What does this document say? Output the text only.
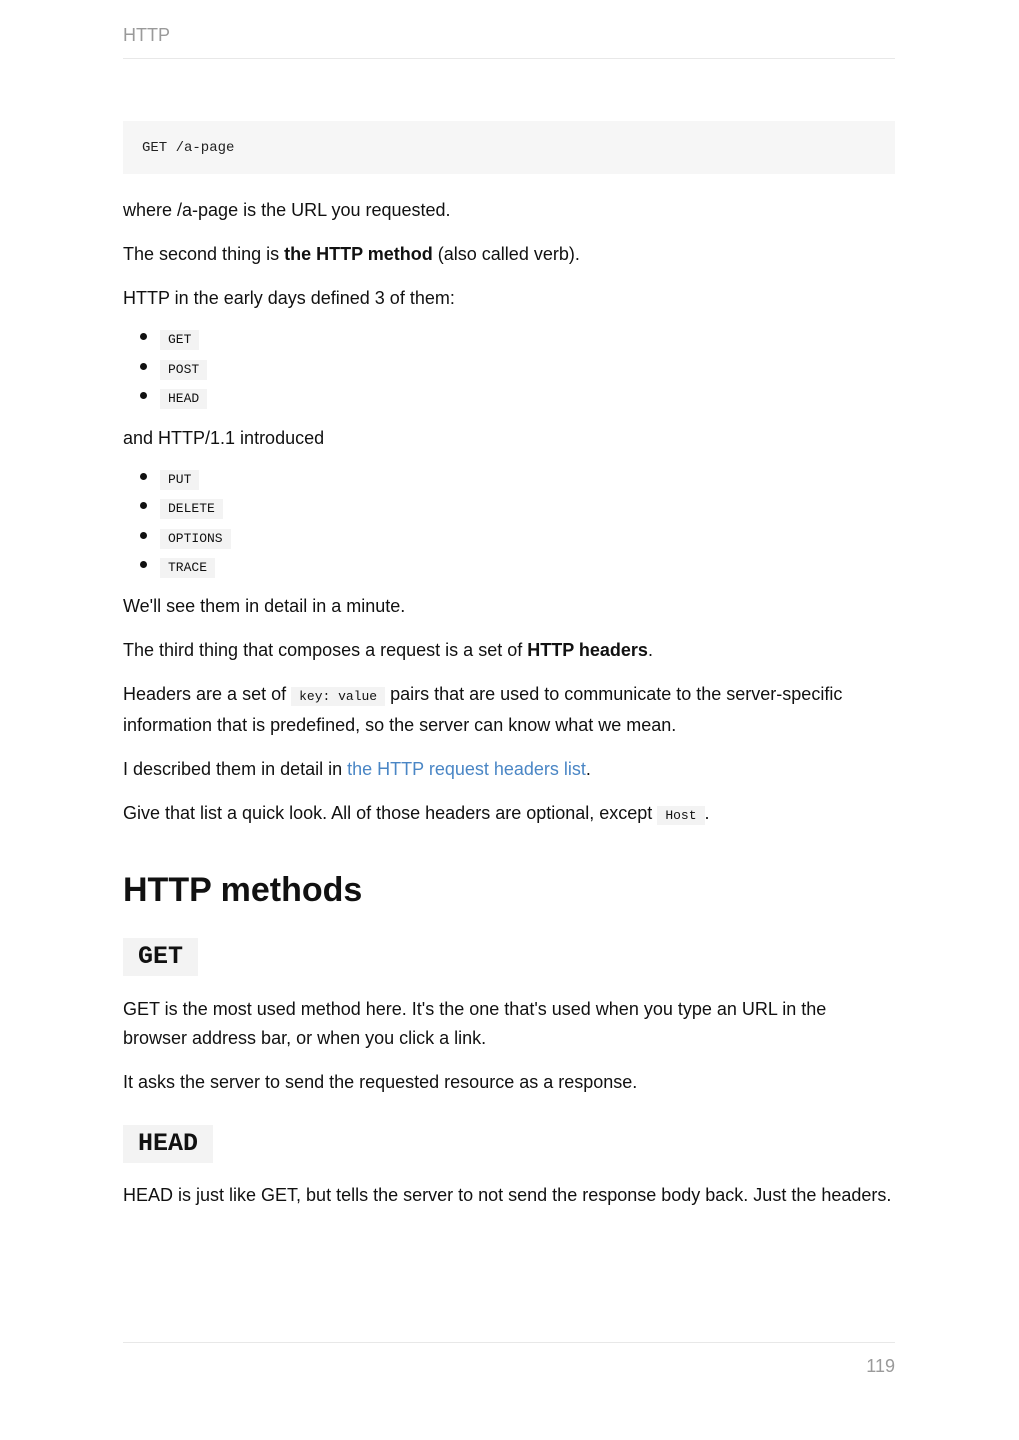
HTTP
GET /a-page

where /a-page is the URL you requested.

The second thing is the HTTP method (also called verb).

HTTP in the early days defined 3 of them:

GET
POST
HEAD

and HTTP/1.1 introduced

PUT
DELETE
OPTIONS
TRACE

We'll see them in detail in a minute.

The third thing that composes a request is a set of HTTP headers.

Headers are a set of key: value pairs that are used to communicate to the server-specific information that is predefined, so the server can know what we mean.

I described them in detail in the HTTP request headers list.

Give that list a quick look. All of those headers are optional, except Host .

HTTP methods
GET

GET is the most used method here. It's the one that's used when you type an URL in the browser address bar, or when you click a link.

It asks the server to send the requested resource as a response.

HEAD

HEAD is just like GET, but tells the server to not send the response body back. Just the headers.

119
